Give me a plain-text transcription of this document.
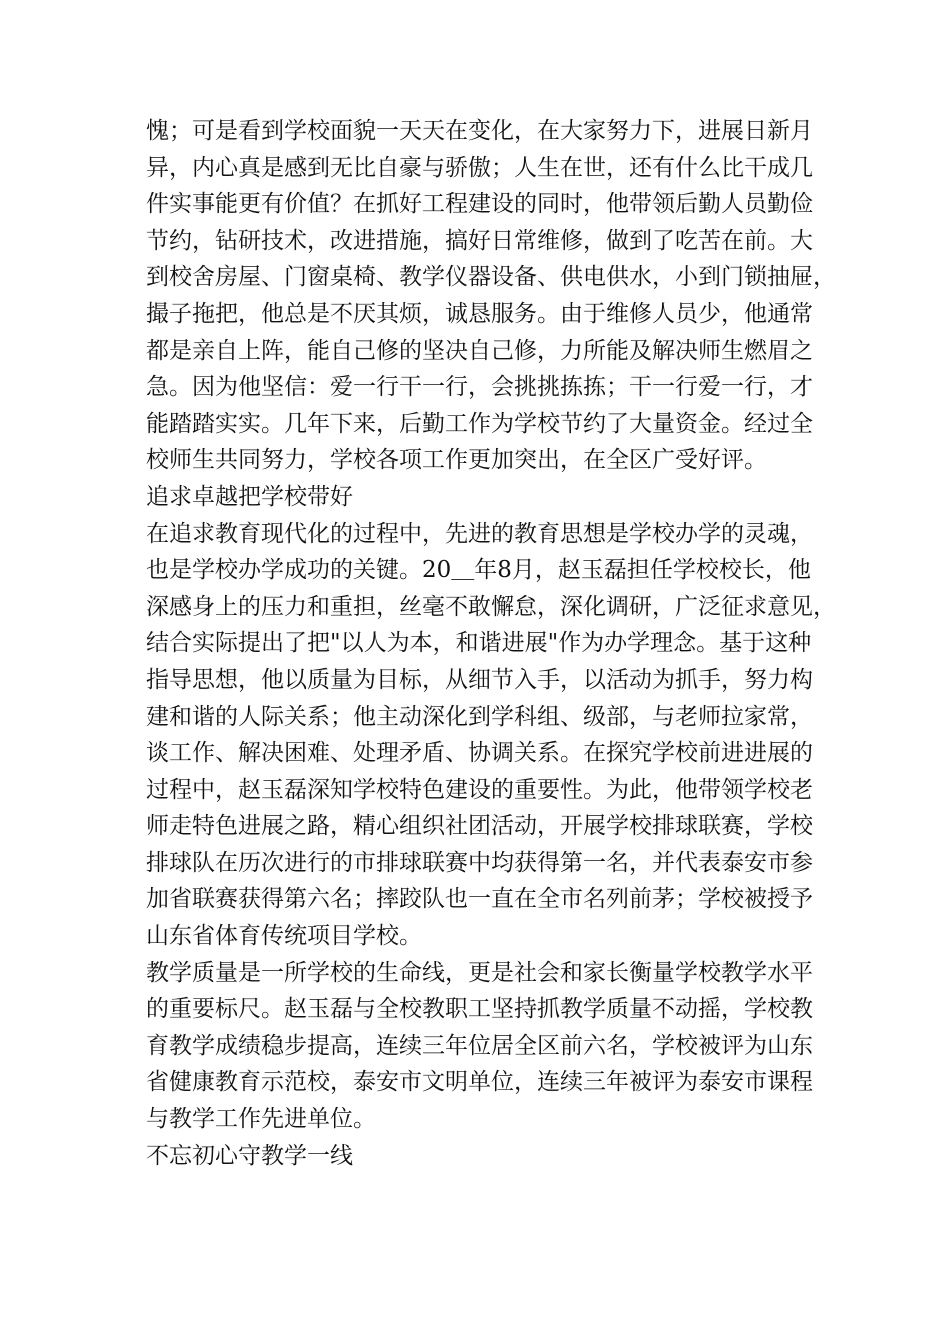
愧；可是看到学校面貌一天天在变化，在大家努力下，进展日新月
异，内心真是感到无比自豪与骄傲；人生在世，还有什么比干成几
件实事能更有价值？在抓好工程建设的同时，他带领后勤人员勤俭
节约，钻研技术，改进措施，搞好日常维修，做到了吃苦在前。大
到校舍房屋、门窗桌椅、教学仪器设备、供电供水，小到门锁抽屉，
撮子拖把，他总是不厌其烦，诚恳服务。由于维修人员少，他通常
都是亲自上阵，能自己修的坚决自己修，力所能及解决师生燃眉之
急。因为他坚信：爱一行干一行，会挑挑拣拣；干一行爱一行，才
能踏踏实实。几年下来，后勤工作为学校节约了大量资金。经过全
校师生共同努力，学校各项工作更加突出，在全区广受好评。
追求卓越把学校带好
在追求教育现代化的过程中，先进的教育思想是学校办学的灵魂，
也是学校办学成功的关键。20＿年8月，赵玉磊担任学校校长，他
深感身上的压力和重担，丝毫不敢懈怠，深化调研，广泛征求意见，
结合实际提出了把"以人为本，和谐进展"作为办学理念。基于这种
指导思想，他以质量为目标，从细节入手，以活动为抓手，努力构
建和谐的人际关系；他主动深化到学科组、级部，与老师拉家常，
谈工作、解决困难、处理矛盾、协调关系。在探究学校前进进展的
过程中，赵玉磊深知学校特色建设的重要性。为此，他带领学校老
师走特色进展之路，精心组织社团活动，开展学校排球联赛，学校
排球队在历次进行的市排球联赛中均获得第一名，并代表泰安市参
加省联赛获得第六名；摔跤队也一直在全市名列前茅；学校被授予
山东省体育传统项目学校。
教学质量是一所学校的生命线，更是社会和家长衡量学校教学水平
的重要标尺。赵玉磊与全校教职工坚持抓教学质量不动摇，学校教
育教学成绩稳步提高，连续三年位居全区前六名，学校被评为山东
省健康教育示范校，泰安市文明单位，连续三年被评为泰安市课程
与教学工作先进单位。
不忘初心守教学一线
